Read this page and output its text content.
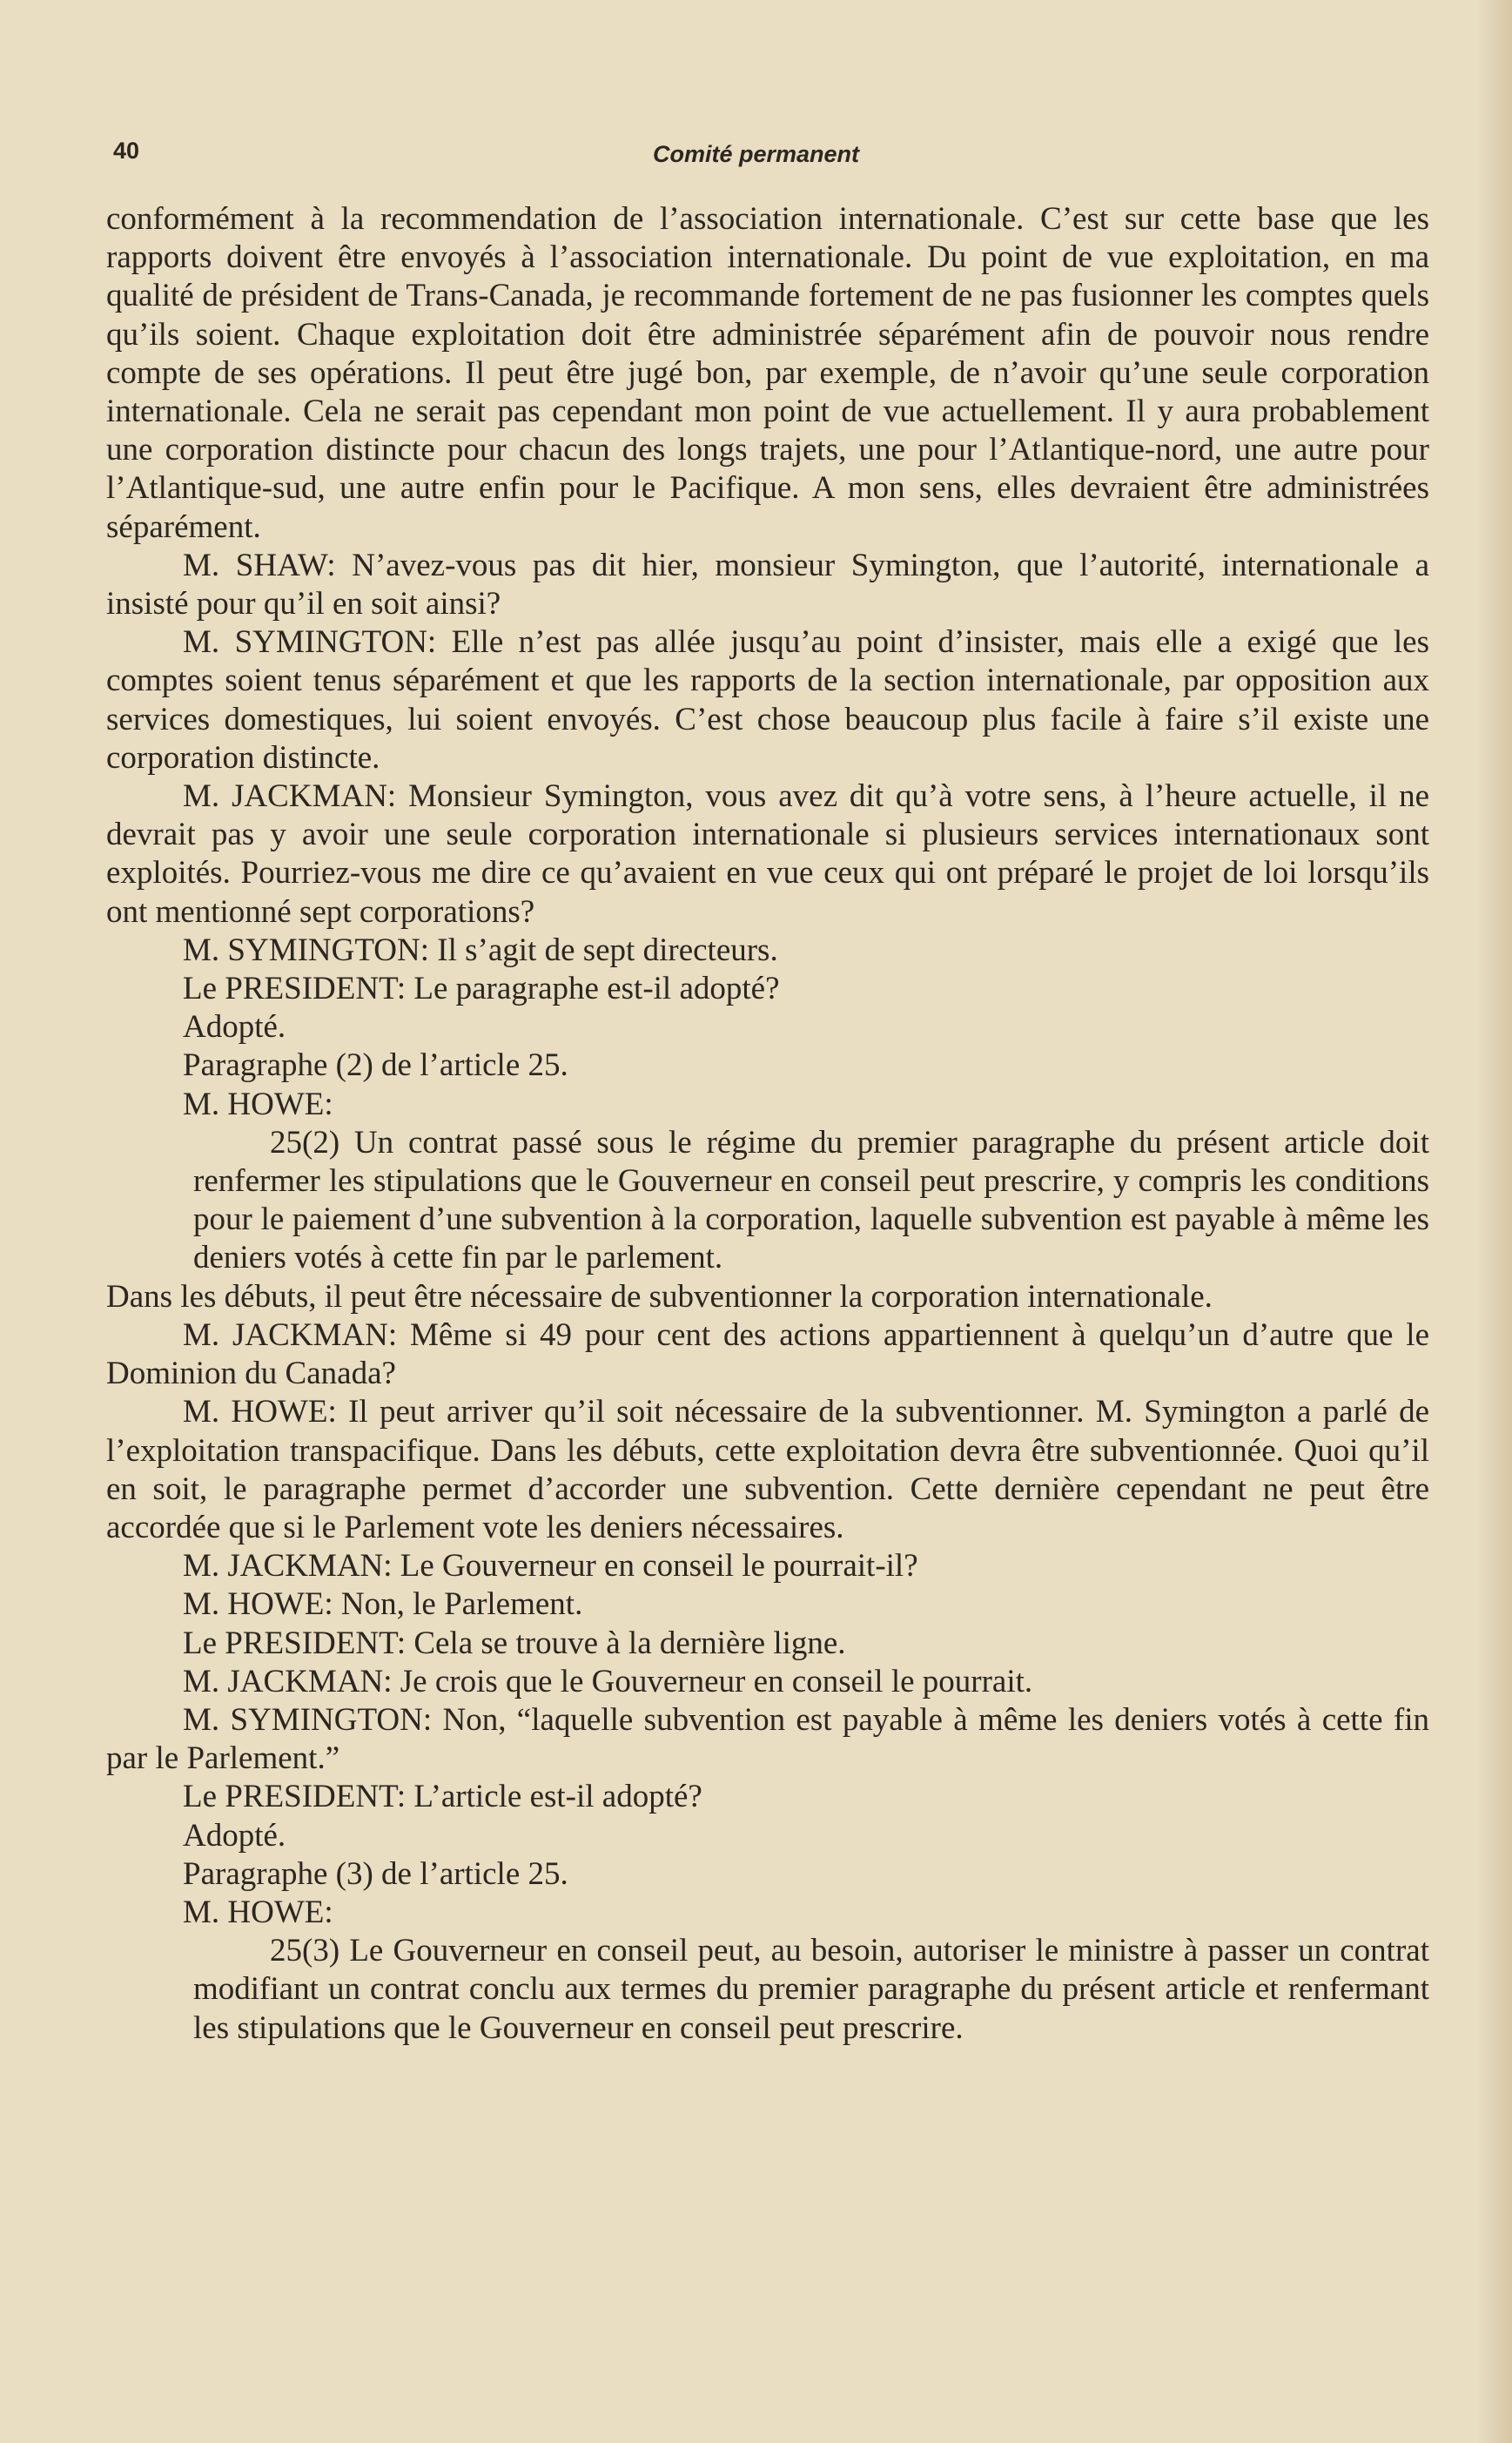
40	Comité permanent

conformément à la recommendation de l’association internationale. C’est sur cette base que les rapports doivent être envoyés à l’association internationale. Du point de vue exploitation, en ma qualité de président de Trans-Canada, je recommande fortement de ne pas fusionner les comptes quels qu’ils soient. Chaque exploitation doit être administrée séparément afin de pouvoir nous rendre compte de ses opérations. Il peut être jugé bon, par exemple, de n’avoir qu’une seule corporation internationale. Cela ne serait pas cependant mon point de vue actuellement. Il y aura probablement une corporation distincte pour chacun des longs trajets, une pour l’Atlantique-nord, une autre pour l’Atlantique-sud, une autre enfin pour le Pacifique. A mon sens, elles devraient être administrées séparément.

M. SHAW: N’avez-vous pas dit hier, monsieur Symington, que l’autorité, internationale a insisté pour qu’il en soit ainsi?

M. SYMINGTON: Elle n’est pas allée jusqu’au point d’insister, mais elle a exigé que les comptes soient tenus séparément et que les rapports de la section internationale, par opposition aux services domestiques, lui soient envoyés. C’est chose beaucoup plus facile à faire s’il existe une corporation distincte.

M. JACKMAN: Monsieur Symington, vous avez dit qu’à votre sens, à l’heure actuelle, il ne devrait pas y avoir une seule corporation internationale si plusieurs services internationaux sont exploités. Pourriez-vous me dire ce qu’avaient en vue ceux qui ont préparé le projet de loi lorsqu’ils ont mentionné sept corporations?

M. SYMINGTON: Il s’agit de sept directeurs.

Le PRESIDENT: Le paragraphe est-il adopté?

Adopté.

Paragraphe (2) de l’article 25.

M. HOWE:

25(2) Un contrat passé sous le régime du premier paragraphe du présent article doit renfermer les stipulations que le Gouverneur en conseil peut prescrire, y compris les conditions pour le paiement d’une subvention à la corporation, laquelle subvention est payable à même les deniers votés à cette fin par le parlement.

Dans les débuts, il peut être nécessaire de subventionner la corporation internationale.

M. JACKMAN: Même si 49 pour cent des actions appartiennent à quelqu’un d’autre que le Dominion du Canada?

M. HOWE: Il peut arriver qu’il soit nécessaire de la subventionner. M. Symington a parlé de l’exploitation transpacifique. Dans les débuts, cette exploitation devra être subventionnée. Quoi qu’il en soit, le paragraphe permet d’accorder une subvention. Cette dernière cependant ne peut être accordée que si le Parlement vote les deniers nécessaires.

M. JACKMAN: Le Gouverneur en conseil le pourrait-il?

M. HOWE: Non, le Parlement.

Le PRESIDENT: Cela se trouve à la dernière ligne.

M. JACKMAN: Je crois que le Gouverneur en conseil le pourrait.

M. SYMINGTON: Non, “laquelle subvention est payable à même les deniers votés à cette fin par le Parlement.”

Le PRESIDENT: L’article est-il adopté?

Adopté.

Paragraphe (3) de l’article 25.

M. HOWE:

25(3) Le Gouverneur en conseil peut, au besoin, autoriser le ministre à passer un contrat modifiant un contrat conclu aux termes du premier paragraphe du présent article et renfermant les stipulations que le Gouverneur en conseil peut prescrire.
